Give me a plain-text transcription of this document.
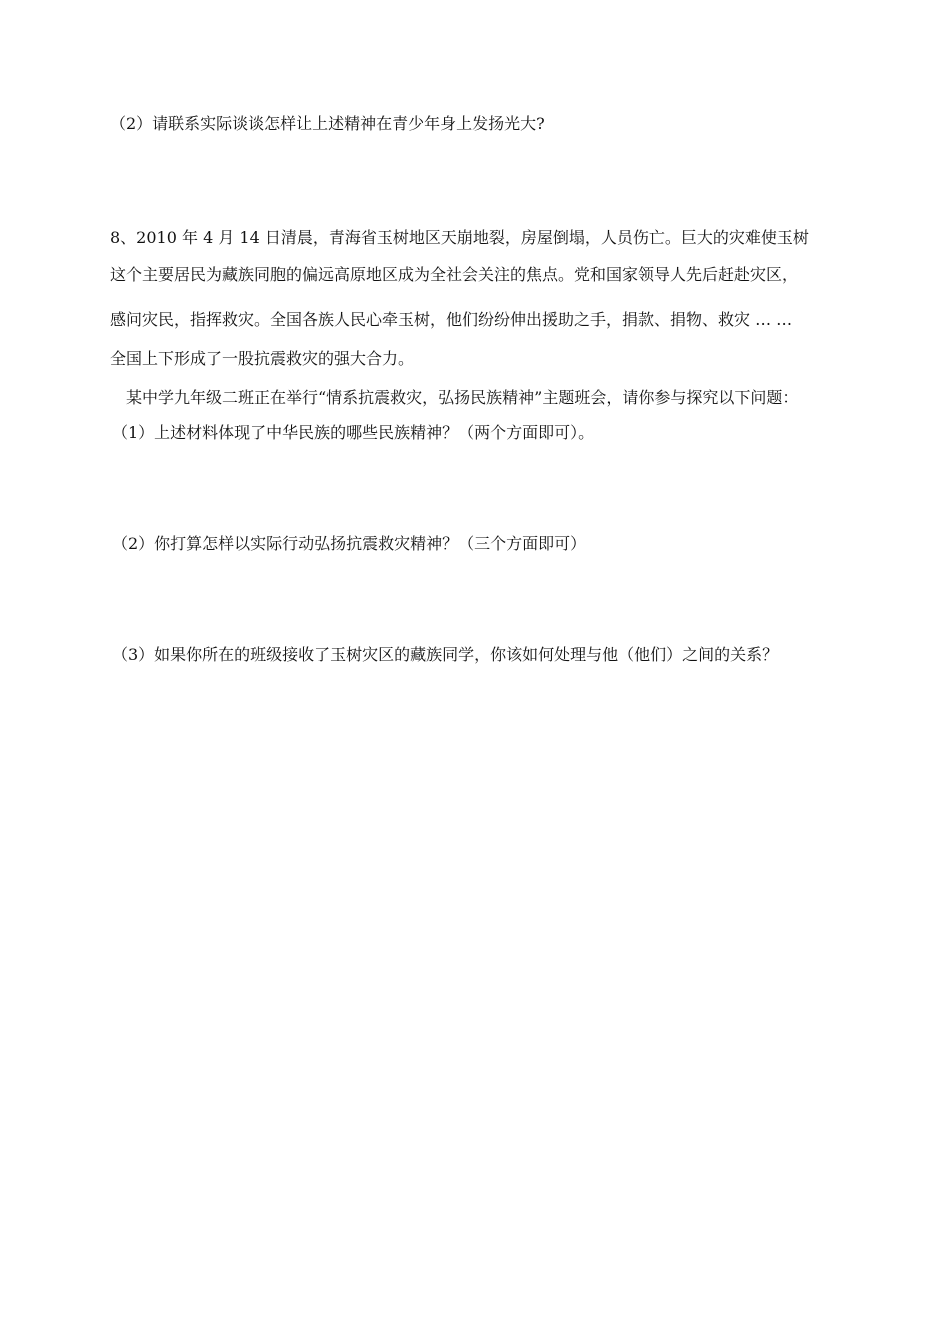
（2）请联系实际谈谈怎样让上述精神在青少年身上发扬光大?
8、2010 年 4 月 14 日清晨，青海省玉树地区天崩地裂，房屋倒塌，人员伤亡。巨大的灾难使玉树
这个主要居民为藏族同胞的偏远高原地区成为全社会关注的焦点。党和国家领导人先后赶赴灾区，
感问灾民，指挥救灾。全国各族人民心牵玉树，他们纷纷伸出援助之手，捐款、捐物、救灾 … …
全国上下形成了一股抗震救灾的强大合力。
某中学九年级二班正在举行“情系抗震救灾，弘扬民族精神”主题班会，请你参与探究以下问题：
（1）上述材料体现了中华民族的哪些民族精神？（两个方面即可）。
（2）你打算怎样以实际行动弘扬抗震救灾精神？（三个方面即可）
（3）如果你所在的班级接收了玉树灾区的藏族同学，你该如何处理与他（他们）之间的关系？
